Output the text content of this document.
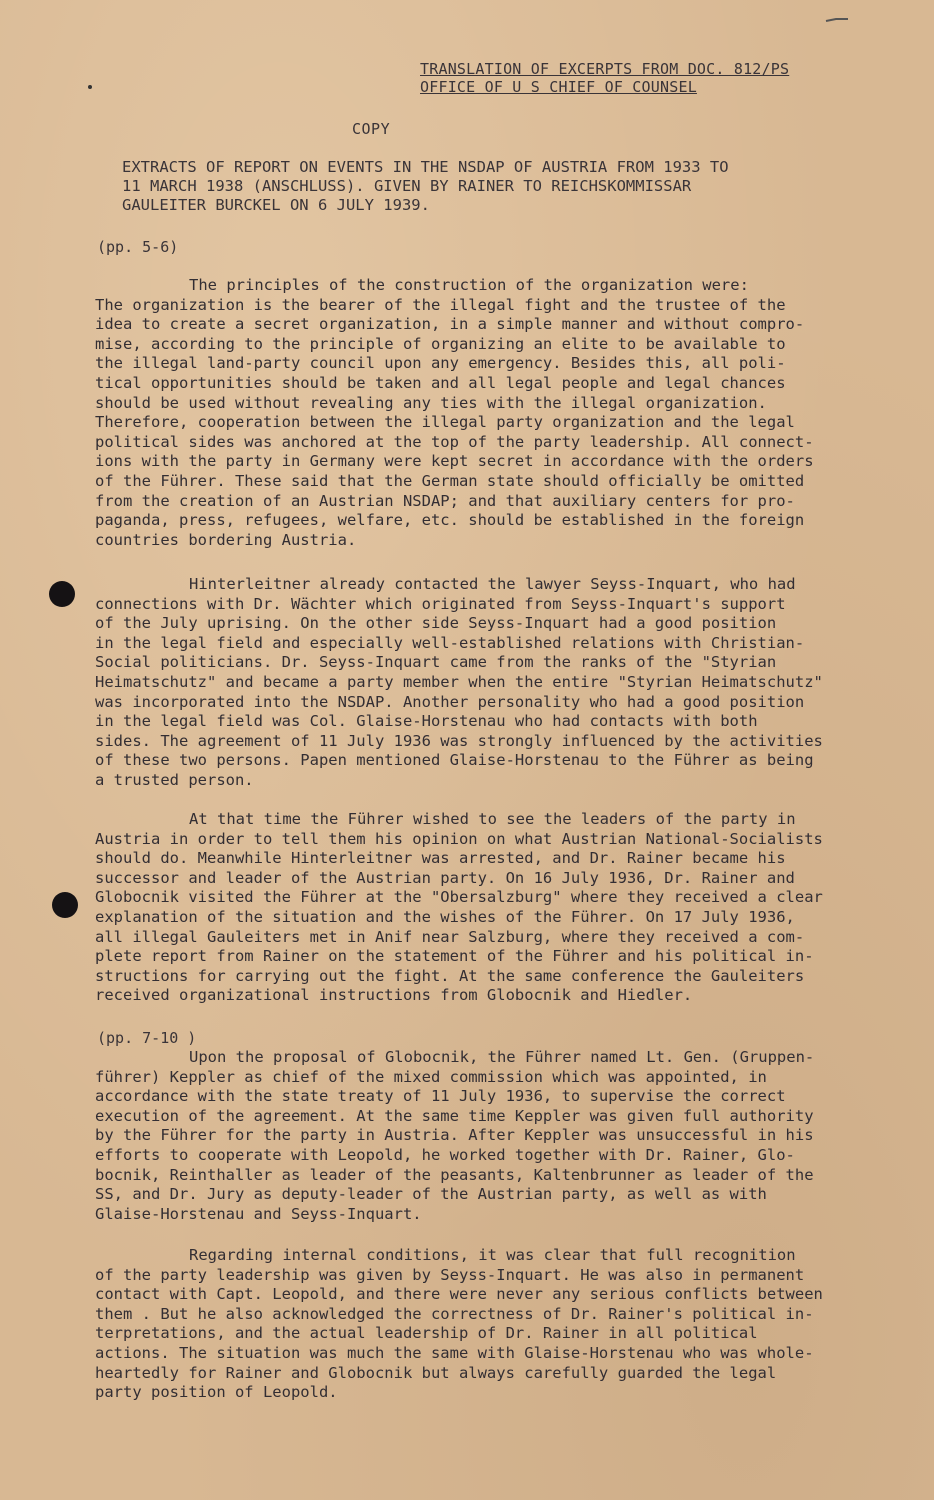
TRANSLATION OF EXCERPTS FROM DOC. 812/PS
OFFICE OF U S CHIEF OF COUNSEL
COPY
EXTRACTS OF REPORT ON EVENTS IN THE NSDAP OF AUSTRIA FROM 1933 TO
11 MARCH 1938 (ANSCHLUSS). GIVEN BY RAINER TO REICHSKOMMISSAR
GAULEITER BURCKEL ON 6 JULY 1939.
(pp. 5-6)
The principles of the construction of the organization were:
The organization is the bearer of the illegal fight and the trustee of the
idea to create a secret organization, in a simple manner and without compro-
mise, according to the principle of organizing an elite to be available to
the illegal land-party council upon any emergency. Besides this, all poli-
tical opportunities should be taken and all legal people and legal chances
should be used without revealing any ties with the illegal organization.
Therefore, cooperation between the illegal party organization and the legal
political sides was anchored at the top of the party leadership. All connect-
ions with the party in Germany were kept secret in accordance with the orders
of the Führer. These said that the German state should officially be omitted
from the creation of an Austrian NSDAP; and that auxiliary centers for pro-
paganda, press, refugees, welfare, etc. should be established in the foreign
countries bordering Austria.
Hinterleitner already contacted the lawyer Seyss-Inquart, who had
connections with Dr. Wächter which originated from Seyss-Inquart's support
of the July uprising. On the other side Seyss-Inquart had a good position
in the legal field and especially well-established relations with Christian-
Social politicians. Dr. Seyss-Inquart came from the ranks of the "Styrian
Heimatschutz" and became a party member when the entire "Styrian Heimatschutz"
was incorporated into the NSDAP. Another personality who had a good position
in the legal field was Col. Glaise-Horstenau who had contacts with both
sides. The agreement of 11 July 1936 was strongly influenced by the activities
of these two persons. Papen mentioned Glaise-Horstenau to the Führer as being
a trusted person.
At that time the Führer wished to see the leaders of the party in
Austria in order to tell them his opinion on what Austrian National-Socialists
should do. Meanwhile Hinterleitner was arrested, and Dr. Rainer became his
successor and leader of the Austrian party. On 16 July 1936, Dr. Rainer and
Globocnik visited the Führer at the "Obersalzburg" where they received a clear
explanation of the situation and the wishes of the Führer. On 17 July 1936,
all illegal Gauleiters met in Anif near Salzburg, where they received a com-
plete report from Rainer on the statement of the Führer and his political in-
structions for carrying out the fight. At the same conference the Gauleiters
received organizational instructions from Globocnik and Hiedler.
(pp. 7-10 )
Upon the proposal of Globocnik, the Führer named Lt. Gen. (Gruppen-
führer) Keppler as chief of the mixed commission which was appointed, in
accordance with the state treaty of 11 July 1936, to supervise the correct
execution of the agreement. At the same time Keppler was given full authority
by the Führer for the party in Austria. After Keppler was unsuccessful in his
efforts to cooperate with Leopold, he worked together with Dr. Rainer, Glo-
bocnik, Reinthaller as leader of the peasants, Kaltenbrunner as leader of the
SS, and Dr. Jury as deputy-leader of the Austrian party, as well as with
Glaise-Horstenau and Seyss-Inquart.
Regarding internal conditions, it was clear that full recognition
of the party leadership was given by Seyss-Inquart. He was also in permanent
contact with Capt. Leopold, and there were never any serious conflicts between
them . But he also acknowledged the correctness of Dr. Rainer's political in-
terpretations, and the actual leadership of Dr. Rainer in all political
actions. The situation was much the same with Glaise-Horstenau who was whole-
heartedly for Rainer and Globocnik but always carefully guarded the legal
party position of Leopold.
